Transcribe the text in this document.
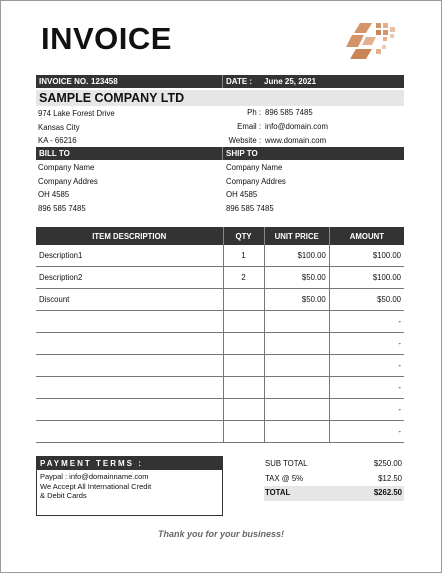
INVOICE
INVOICE NO. 123458	DATE : June 25, 2021
SAMPLE COMPANY LTD
974 Lake Forest Drive
Kansas City
KA - 66216
Ph : 896 585 7485
Email : info@domain.com
Website : www.domain.com
BILL TO	SHIP TO
Company Name
Company Addres
OH 4585
896 585 7485
Company Name
Company Addres
OH 4585
896 585 7485
ITEM DESCRIPTION	QTY	UNIT PRICE	AMOUNT
Description1	1	$100.00	$100.00
Description2	2	$50.00	$100.00
Discount		$50.00	$50.00
			-
			-
			-
			-
			-
			-
PAYMENT TERMS :
Paypal : info@domainname.com
We Accept All International Credit
& Debit Cards
SUB TOTAL	$250.00
TAX @ 5%	$12.50
TOTAL	$262.50
Thank you for your business!
